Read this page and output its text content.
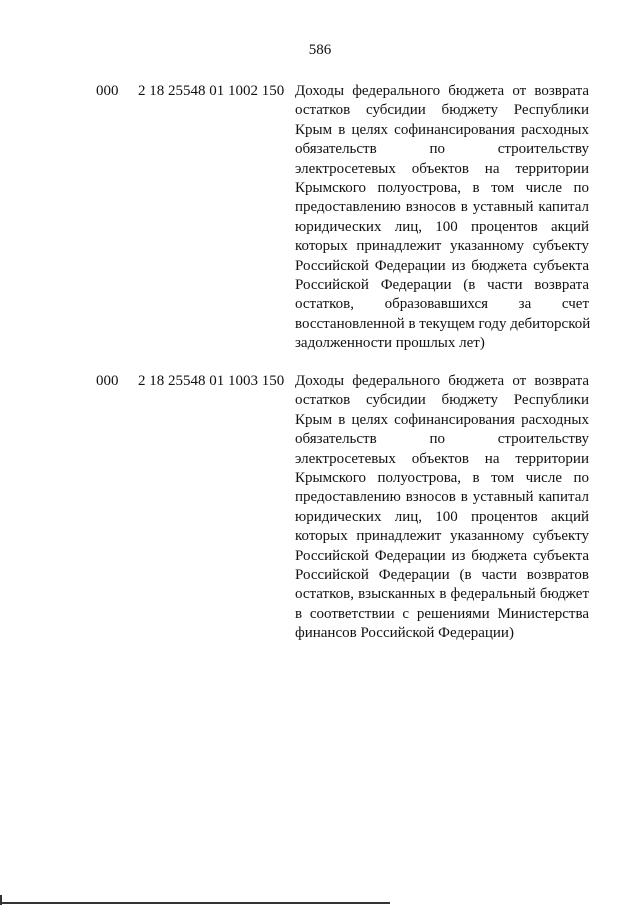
586
000 2 18 25548 01 1002 150 Доходы федерального бюджета от возврата
остатков субсидии бюджету Республики
Крым в целях софинансирования расходных
обязательств по строительству
электросетевых объектов на территории
Крымского полуострова, в том числе по
предоставлению взносов в уставный капитал
юридических лиц, 100 процентов акций
которых принадлежит указанному субъекту
Российской Федерации из бюджета субъекта
Российской Федерации (в части возврата
остатков, образовавшихся за счет
восстановленной в текущем году дебиторской
задолженности прошлых лет)
000 2 18 25548 01 1003 150 Доходы федерального бюджета от возврата
остатков субсидии бюджету Республики
Крым в целях софинансирования расходных
обязательств по строительству
электросетевых объектов на территории
Крымского полуострова, в том числе по
предоставлению взносов в уставный капитал
юридических лиц, 100 процентов акций
которых принадлежит указанному субъекту
Российской Федерации из бюджета субъекта
Российской Федерации (в части возвратов
остатков, взысканных в федеральный бюджет
в соответствии с решениями Министерства
финансов Российской Федерации)
